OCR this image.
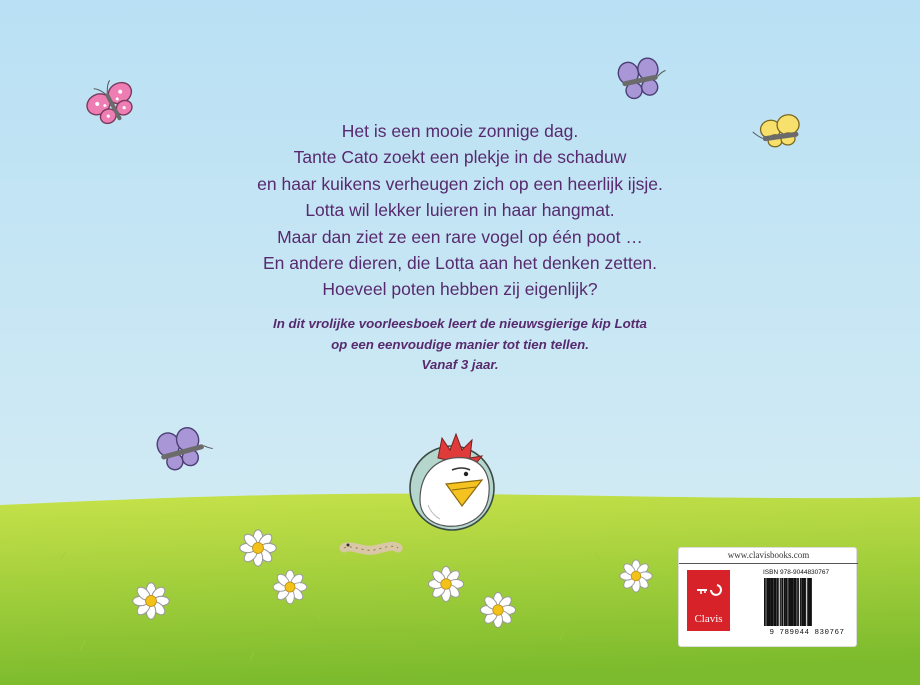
Het is een mooie zonnige dag.
Tante Cato zoekt een plekje in de schaduw
en haar kuikens verheugen zich op een heerlijk ijsje.
Lotta wil lekker luieren in haar hangmat.
Maar dan ziet ze een rare vogel op één poot …
En andere dieren, die Lotta aan het denken zetten.
Hoeveel poten hebben zij eigenlijk?
In dit vrolijke voorleesboek leert de nieuwsgierige kip Lotta
op een eenvoudige manier tot tien tellen.
Vanaf 3 jaar.
www.clavisbooks.com
Clavis
ISBN 978-9044830767
9 789044 830767
